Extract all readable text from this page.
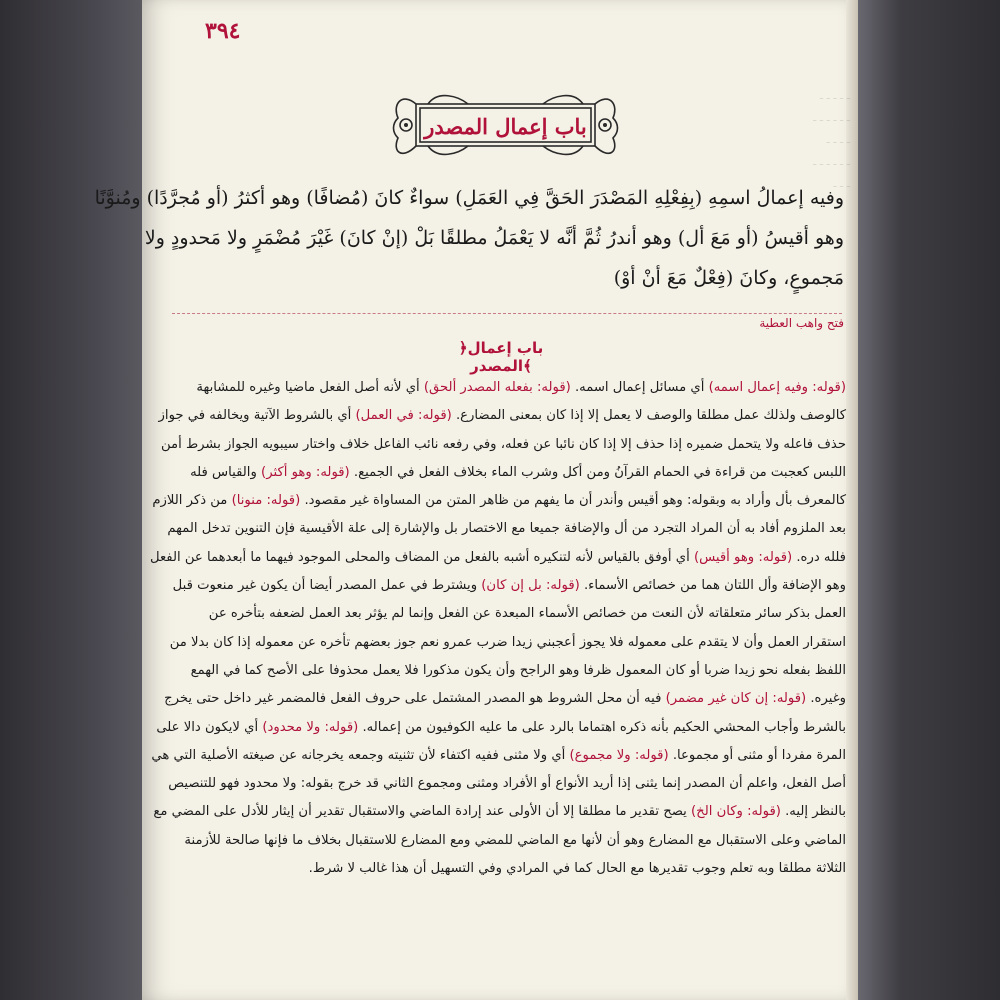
ـ ـ ـ ـ ـ
ـ ـ ـ ـ ـ ـ
ـ ـ ـ ـ
ـ ـ ـ ـ ـ ـ
ـ ـ ـ
٣٩٤
باب إعمال المصدر

وفيه إعمالُ اسمِهِ (بِفِعْلِهِ المَصْدَرَ الحَقَّ فِي العَمَلِ) سواءٌ كانَ (مُضافًا) وهو أكثرُ (أو مُجرَّدًا) ومُنوَّنًا

وهو أقيسُ (أو مَعَ أل) وهو أندرُ ثُمَّ أنَّه لا يَعْمَلُ مطلقًا بَلْ (إنْ كانَ) غَيْرَ مُضْمَرٍ ولا مَحدودٍ ولا

مَجموعٍ، وكانَ (فِعْلٌ مَعَ أنْ أوْ)

فتح واهب العطية
﴿باب إعمال المصدر﴾
(قوله: وفيه إعمال اسمه) أي مسائل إعمال اسمه. (قوله: بفعله المصدر ألحق) أي لأنه أصل الفعل ماضيا وغيره للمشابهة
كالوصف ولذلك عمل مطلقا والوصف لا يعمل إلا إذا كان بمعنى المضارع. (قوله: في العمل) أي بالشروط الآتية ويخالفه في جواز
حذف فاعله ولا يتحمل ضميره إذا حذف إلا إذا كان نائبا عن فعله، وفي رفعه نائب الفاعل خلاف واختار سيبويه الجواز بشرط أمن
اللبس كعجبت من قراءة في الحمام القرآنُ ومن أكل وشرب الماء بخلاف الفعل في الجميع. (قوله: وهو أكثر) والقياس فله
كالمعرف بأل وأراد به وبقوله: وهو أقيس وأندر أن ما يفهم من ظاهر المتن من المساواة غير مقصود. (قوله: منونا) من ذكر اللازم
بعد الملزوم أفاد به أن المراد التجرد من أل والإضافة جميعا مع الاختصار بل والإشارة إلى علة الأقيسية فإن التنوين تدخل المهم
فلله دره. (قوله: وهو أقيس) أي أوفق بالقياس لأنه لتنكيره أشبه بالفعل من المضاف والمحلى الموجود فيهما ما أبعدهما عن الفعل
وهو الإضافة وأل اللتان هما من خصائص الأسماء. (قوله: بل إن كان) ويشترط في عمل المصدر أيضا أن يكون غير منعوت قبل
العمل بذكر سائر متعلقاته لأن النعت من خصائص الأسماء المبعدة عن الفعل وإنما لم يؤثر بعد العمل لضعفه بتأخره عن
استقرار العمل وأن لا يتقدم على معموله فلا يجوز أعجبني زيدا ضرب عمرو نعم جوز بعضهم تأخره عن معموله إذا كان بدلا من
اللفظ بفعله نحو زيدا ضربا أو كان المعمول ظرفا وهو الراجح وأن يكون مذكورا فلا يعمل محذوفا على الأصح كما في الهمع
وغيره. (قوله: إن كان غير مضمر) فيه أن محل الشروط هو المصدر المشتمل على حروف الفعل فالمضمر غير داخل حتى يخرج
بالشرط وأجاب المحشي الحكيم بأنه ذكره اهتماما بالرد على ما عليه الكوفيون من إعماله. (قوله: ولا محدود) أي لايكون دالا على
المرة مفردا أو مثنى أو مجموعا. (قوله: ولا مجموع) أي ولا مثنى ففيه اكتفاء لأن تثنيته وجمعه يخرجانه عن صيغته الأصلية التي هي
أصل الفعل، واعلم أن المصدر إنما يثنى إذا أريد الأنواع أو الأفراد ومثنى ومجموع الثاني قد خرج بقوله: ولا محدود فهو للتنصيص
بالنظر إليه. (قوله: وكان الخ) يصح تقدير ما مطلقا إلا أن الأولى عند إرادة الماضي والاستقبال تقدير أن إيثار للأدل على المضي مع
الماضي وعلى الاستقبال مع المضارع وهو أن لأنها مع الماضي للمضي ومع المضارع للاستقبال بخلاف ما فإنها صالحة للأزمنة
الثلاثة مطلقا وبه تعلم وجوب تقديرها مع الحال كما في المرادي وفي التسهيل أن هذا غالب لا شرط.
